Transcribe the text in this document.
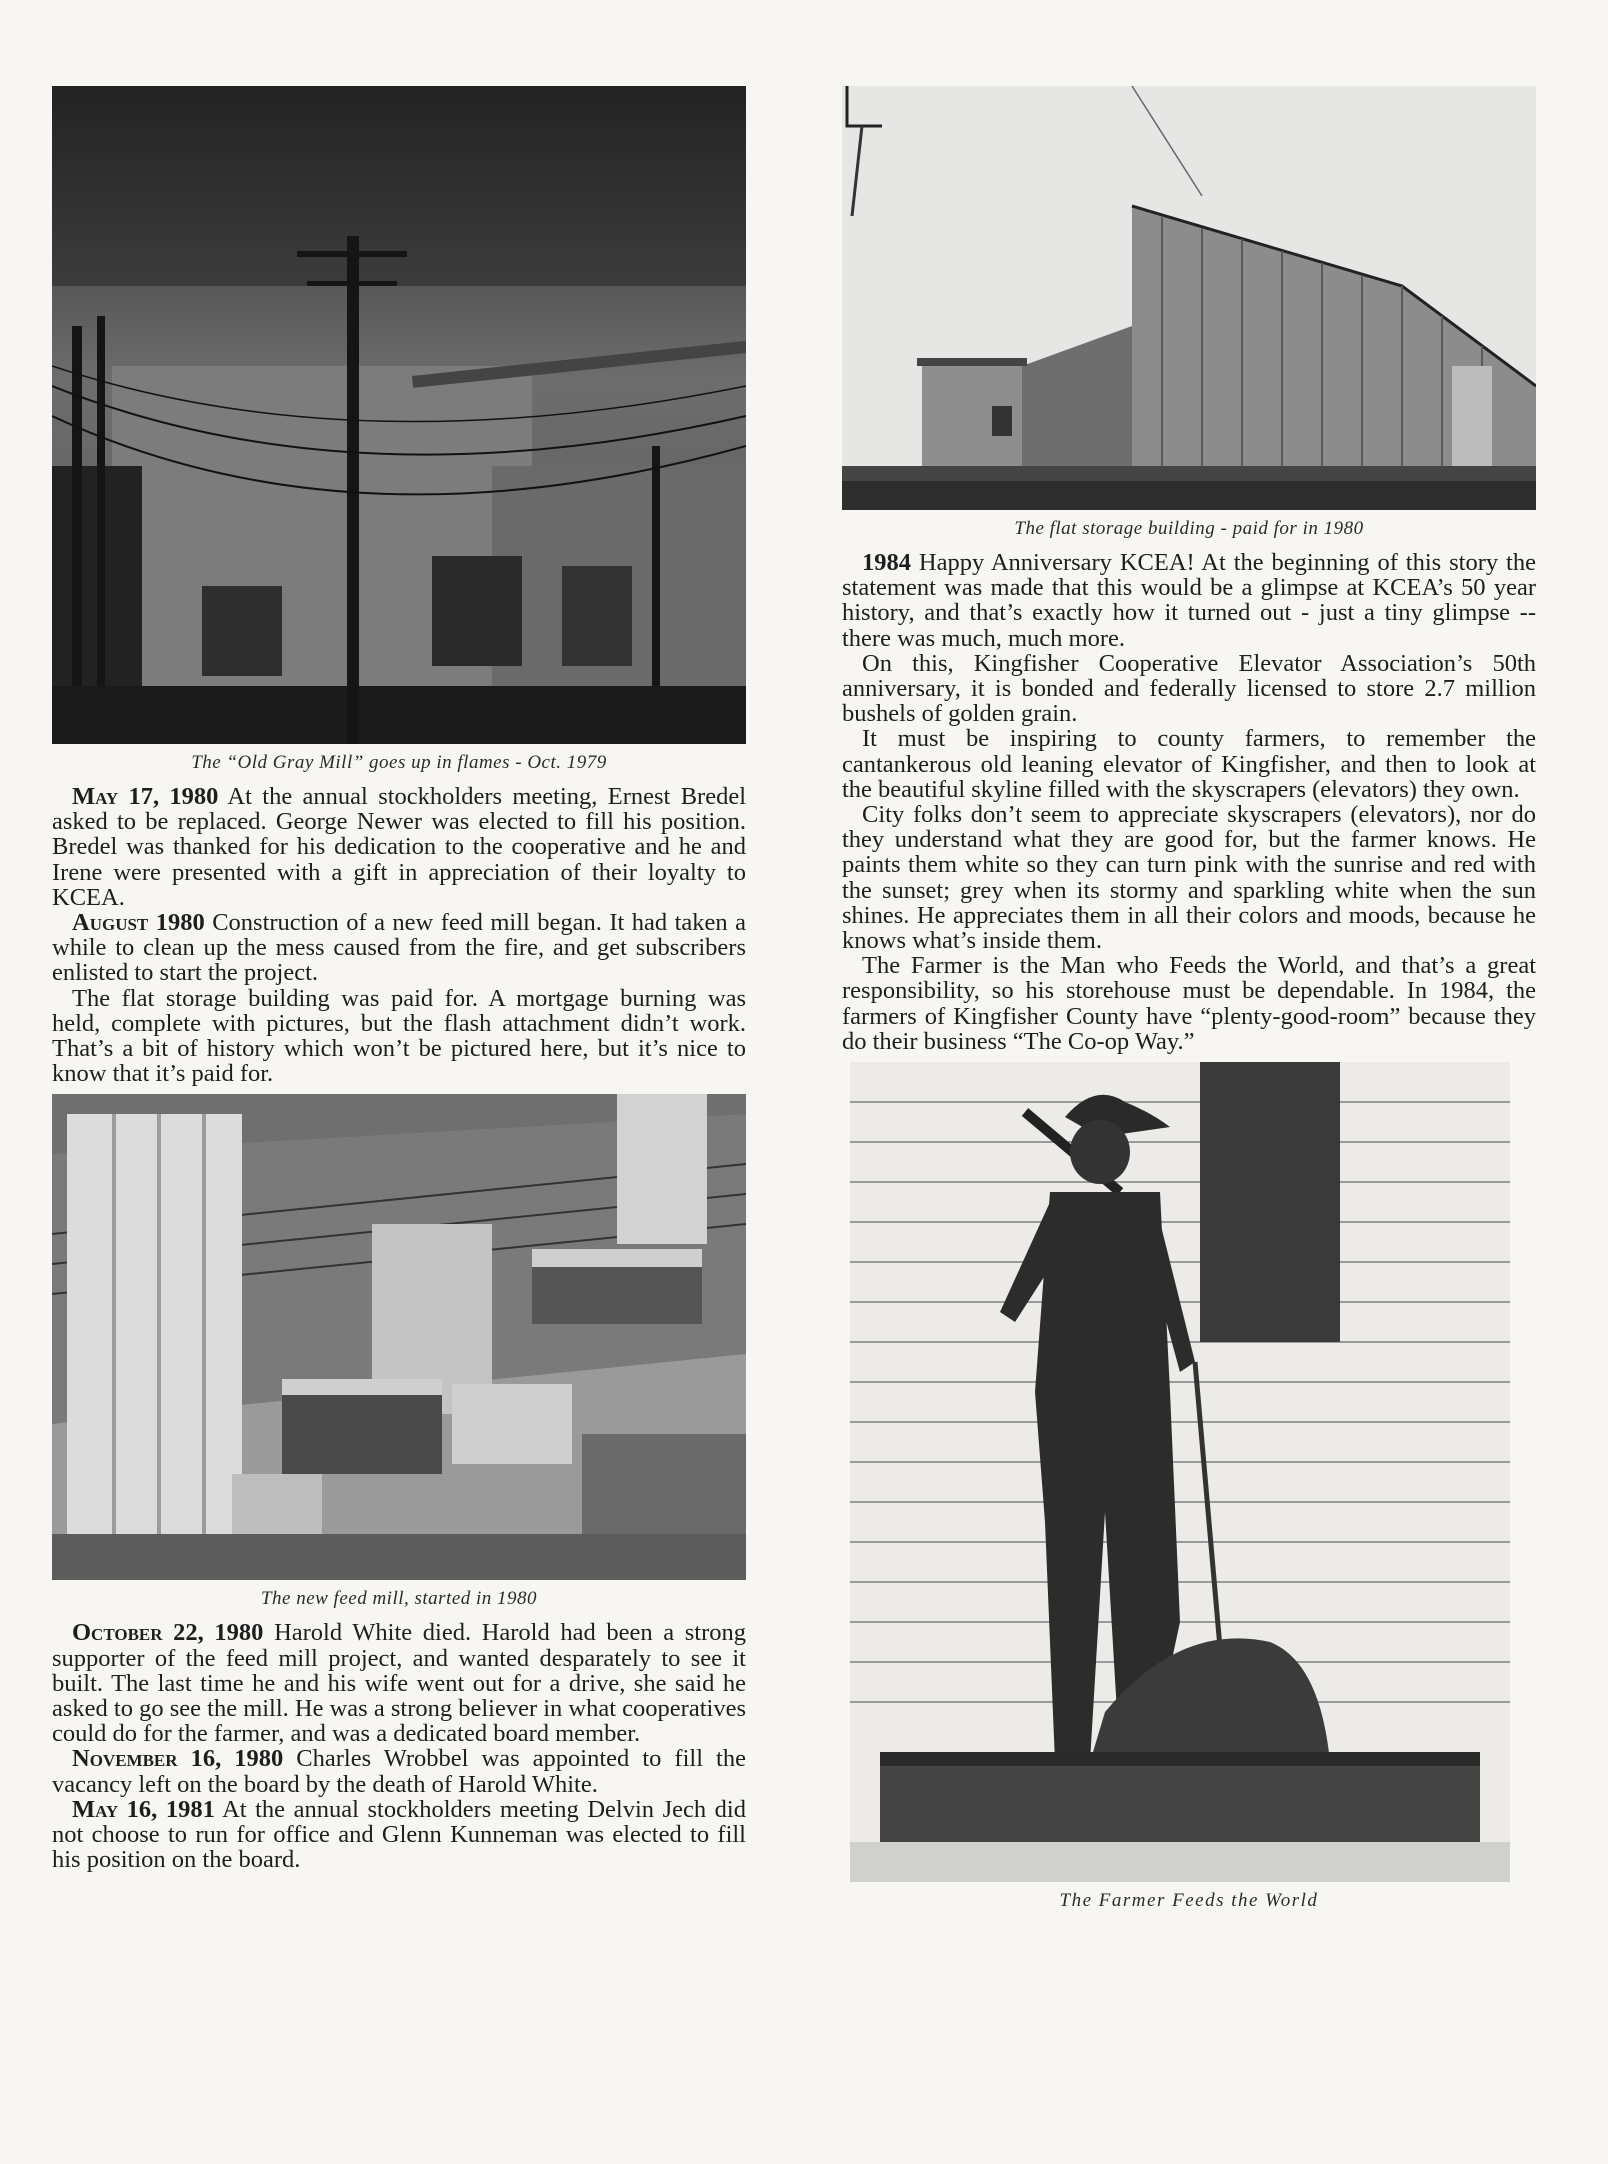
The “Old Gray Mill” goes up in flames - Oct. 1979

May 17, 1980 At the annual stockholders meeting, Ernest Bredel asked to be replaced. George Newer was elected to fill his position. Bredel was thanked for his dedication to the cooperative and he and Irene were presented with a gift in appreciation of their loyalty to KCEA.

August 1980 Construction of a new feed mill began. It had taken a while to clean up the mess caused from the fire, and get subscribers enlisted to start the project.

The flat storage building was paid for. A mortgage burning was held, complete with pictures, but the flash attachment didn’t work. That’s a bit of history which won’t be pictured here, but it’s nice to know that it’s paid for.

The new feed mill, started in 1980

October 22, 1980 Harold White died. Harold had been a strong supporter of the feed mill project, and wanted desparately to see it built. The last time he and his wife went out for a drive, she said he asked to go see the mill. He was a strong believer in what cooperatives could do for the farmer, and was a dedicated board member.

November 16, 1980 Charles Wrobbel was appointed to fill the vacancy left on the board by the death of Harold White.

May 16, 1981 At the annual stockholders meeting Delvin Jech did not choose to run for office and Glenn Kunneman was elected to fill his position on the board.

The flat storage building - paid for in 1980

1984 Happy Anniversary KCEA! At the beginning of this story the statement was made that this would be a glimpse at KCEA’s 50 year history, and that’s exactly how it turned out - just a tiny glimpse -- there was much, much more.

On this, Kingfisher Cooperative Elevator Association’s 50th anniversary, it is bonded and federally licensed to store 2.7 million bushels of golden grain.

It must be inspiring to county farmers, to remember the cantankerous old leaning elevator of Kingfisher, and then to look at the beautiful skyline filled with the skyscrapers (elevators) they own.

City folks don’t seem to appreciate skyscrapers (elevators), nor do they understand what they are good for, but the farmer knows. He paints them white so they can turn pink with the sunrise and red with the sunset; grey when its stormy and sparkling white when the sun shines. He appreciates them in all their colors and moods, because he knows what’s inside them.

The Farmer is the Man who Feeds the World, and that’s a great responsibility, so his storehouse must be dependable. In 1984, the farmers of Kingfisher County have “plenty-good-room” because they do their business “The Co-op Way.”

The Farmer Feeds the World
